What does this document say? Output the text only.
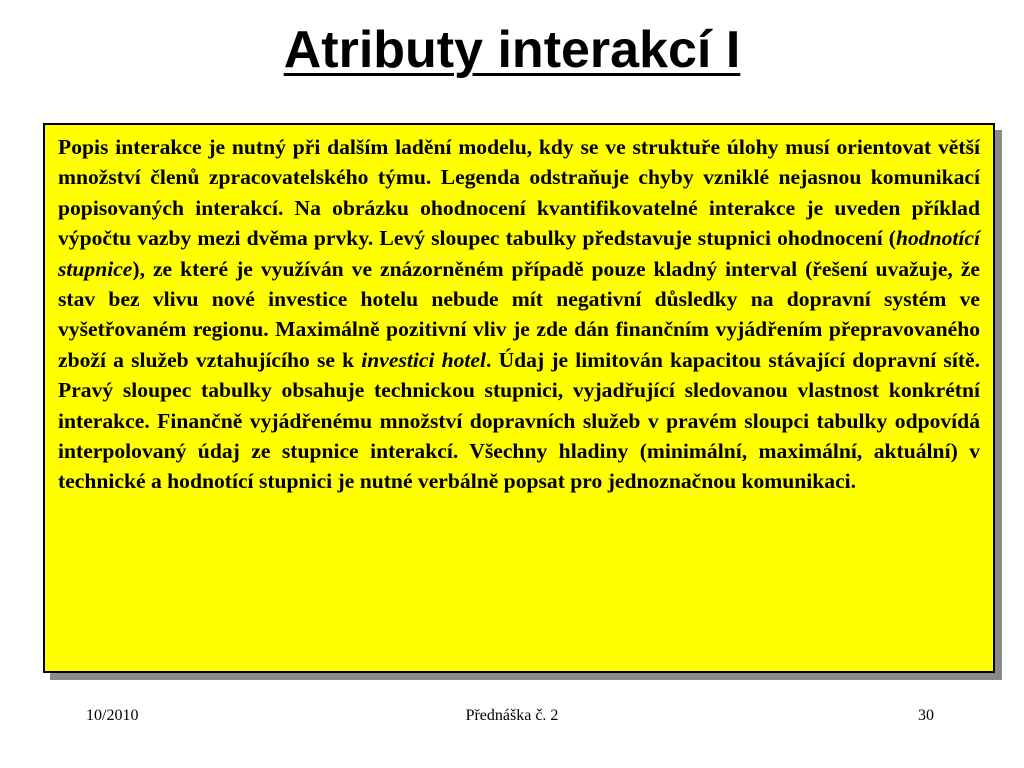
Atributy interakcí I

Popis interakce je nutný při dalším ladění modelu, kdy se ve struktuře úlohy musí orientovat větší množství členů zpracovatelského týmu. Legenda odstraňuje chyby vzniklé nejasnou komunikací popisovaných interakcí. Na obrázku ohodnocení kvantifikovatelné interakce je uveden příklad výpočtu vazby mezi dvěma prvky. Levý sloupec tabulky představuje stupnici ohodnocení (hodnotící stupnice), ze které je využíván ve znázorněném případě pouze kladný interval (řešení uvažuje, že stav bez vlivu nové investice hotelu nebude mít negativní důsledky na dopravní systém ve vyšetřovaném regionu. Maximálně pozitivní vliv je zde dán finančním vyjádřením přepravovaného zboží a služeb vztahujícího se k investici hotel. Údaj je limitován kapacitou stávající dopravní sítě. Pravý sloupec tabulky obsahuje technickou stupnici, vyjadřující sledovanou vlastnost konkrétní interakce. Finančně vyjádřenému množství dopravních služeb v pravém sloupci tabulky odpovídá interpolovaný údaj ze stupnice interakcí. Všechny hladiny (minimální, maximální, aktuální) v technické a hodnotící stupnici je nutné verbálně popsat pro jednoznačnou komunikaci.

10/2010	Přednáška č. 2	30
